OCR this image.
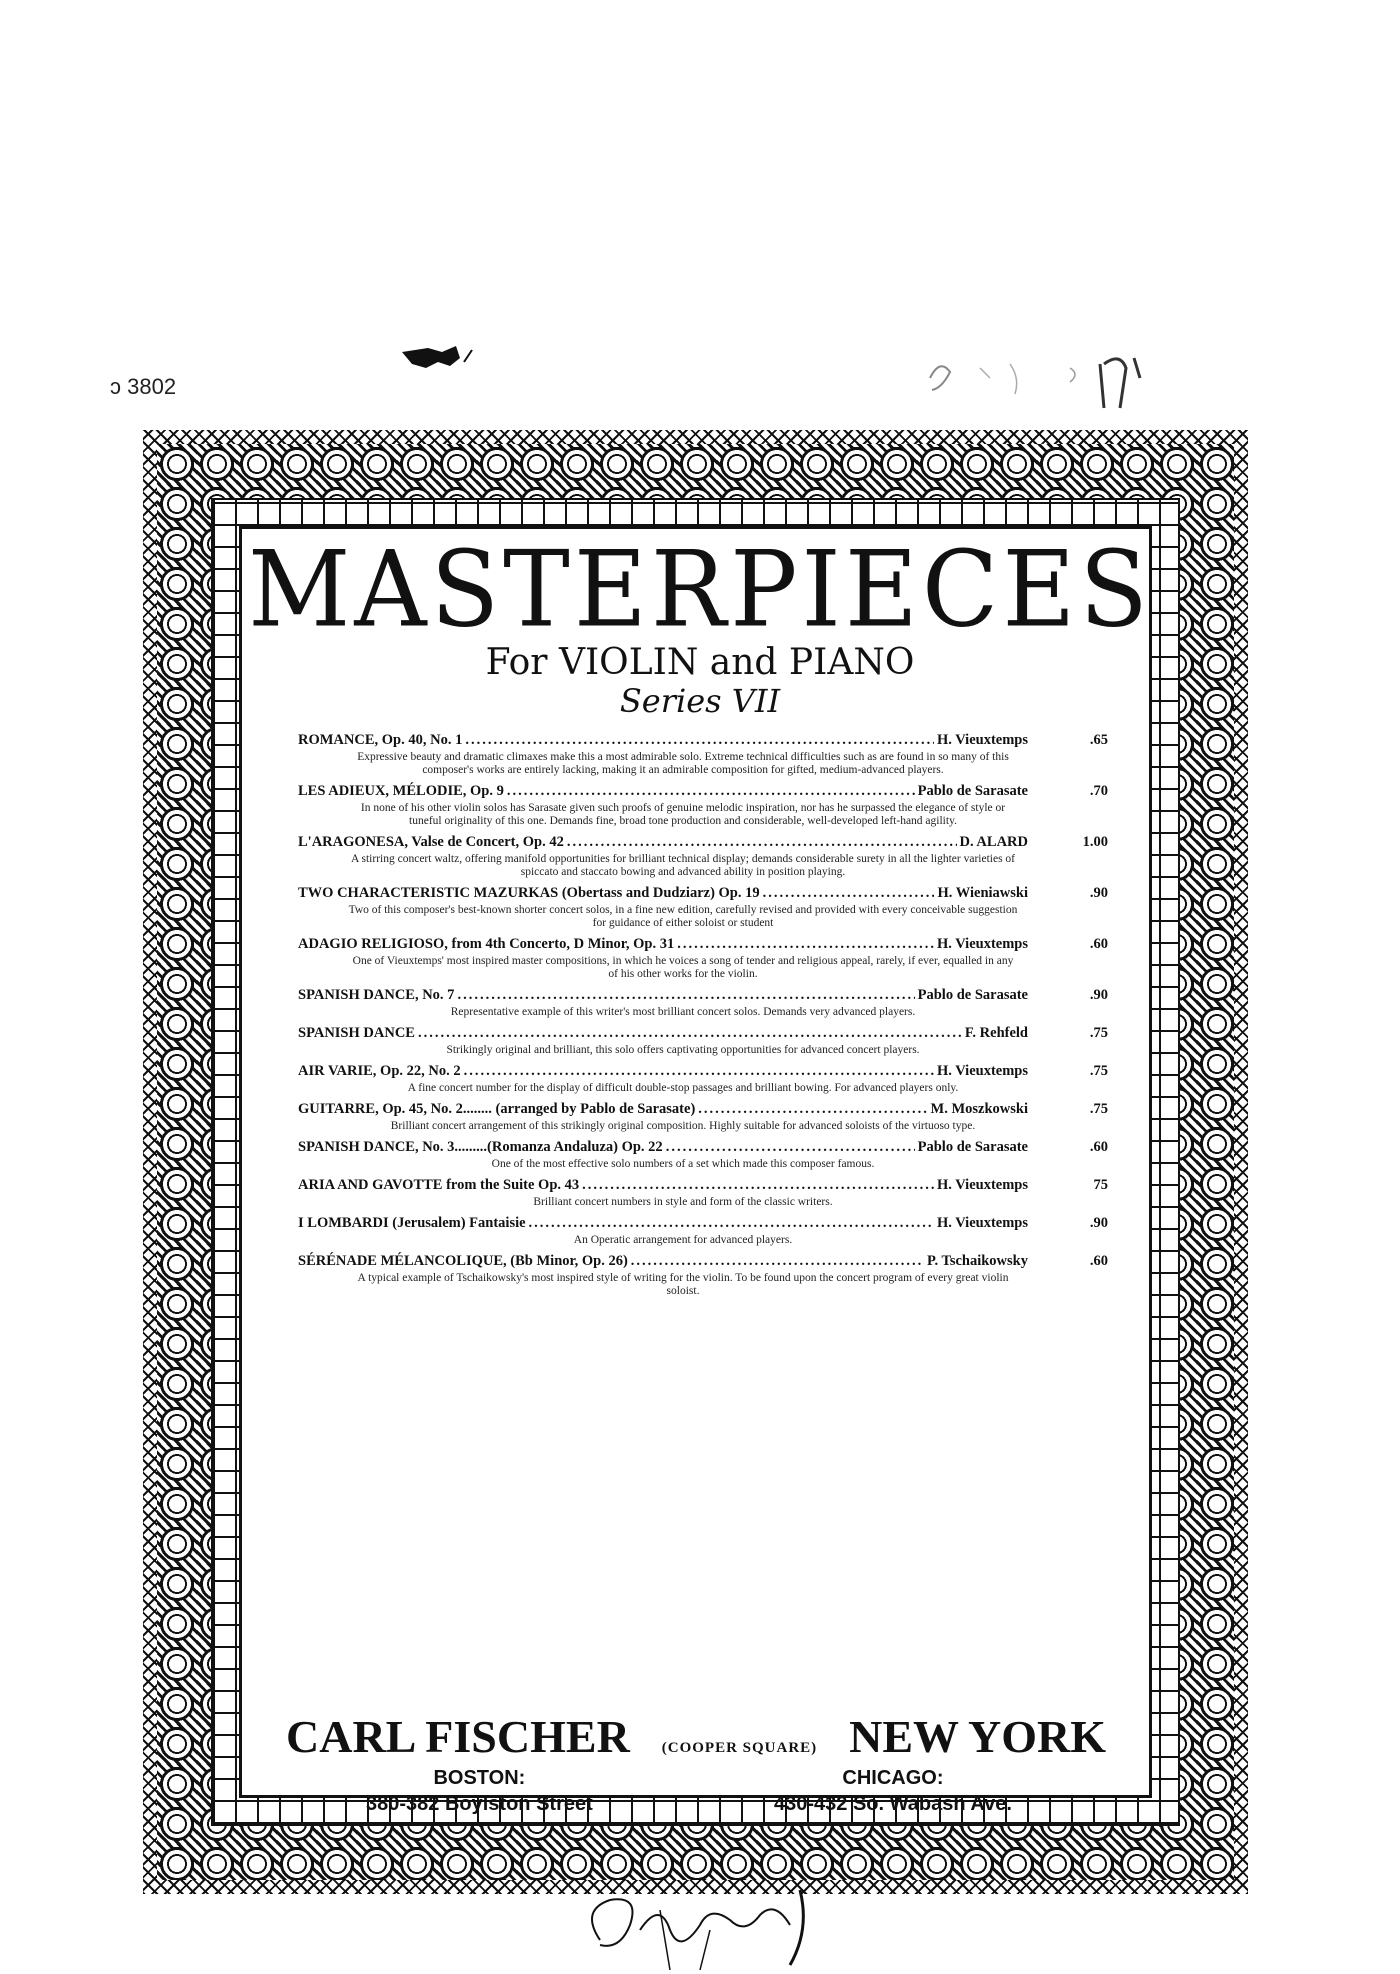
ↄ 3802
MASTERPIECES
For VIOLIN and PIANO
Series VII
ROMANCE, Op. 40, No. 1 .....	H. Vieuxtemps	.65
Expressive beauty and dramatic climaxes make this a most admirable solo. Extreme technical difficulties such as are found in so many of this composer's works are entirely lacking, making it an admirable composition for gifted, medium-advanced players.
LES ADIEUX, MÉLODIE, Op. 9 .....	Pablo de Sarasate	.70
In none of his other violin solos has Sarasate given such proofs of genuine melodic inspiration, nor has he surpassed the elegance of style or tuneful originality of this one. Demands fine, broad tone production and considerable, well-developed left-hand agility.
L'ARAGONESA, Valse de Concert, Op. 42 .....	D. ALARD	1.00
A stirring concert waltz, offering manifold opportunities for brilliant technical display; demands considerable surety in all the lighter varieties of spiccato and staccato bowing and advanced ability in position playing.
TWO CHARACTERISTIC MAZURKAS (Obertass and Dudziarz) Op. 19 .....	H. Wieniawski	.90
Two of this composer's best-known shorter concert solos, in a fine new edition, carefully revised and provided with every conceivable suggestion for guidance of either soloist or student
ADAGIO RELIGIOSO, from 4th Concerto, D Minor, Op. 31 .....	H. Vieuxtemps	.60
One of Vieuxtemps' most inspired master compositions, in which he voices a song of tender and religious appeal, rarely, if ever, equalled in any of his other works for the violin.
SPANISH DANCE, No. 7 .....	Pablo de Sarasate	.90
Representative example of this writer's most brilliant concert solos. Demands very advanced players.
SPANISH DANCE .....	F. Rehfeld	.75
Strikingly original and brilliant, this solo offers captivating opportunities for advanced concert players.
AIR VARIE, Op. 22, No. 2 .....	H. Vieuxtemps	.75
A fine concert number for the display of difficult double-stop passages and brilliant bowing. For advanced players only.
GUITARRE, Op. 45, No. 2........ (arranged by Pablo de Sarasate) .....	M. Moszkowski	.75
Brilliant concert arrangement of this strikingly original composition. Highly suitable for advanced soloists of the virtuoso type.
SPANISH DANCE, No. 3.........(Romanza Andaluza) Op. 22 .....	Pablo de Sarasate	.60
One of the most effective solo numbers of a set which made this composer famous.
ARIA AND GAVOTTE from the Suite Op. 43 .....	H. Vieuxtemps	75
Brilliant concert numbers in style and form of the classic writers.
I LOMBARDI (Jerusalem) Fantaisie .....	H. Vieuxtemps	.90
An Operatic arrangement for advanced players.
SÉRÉNADE MÉLANCOLIQUE, (Bb Minor, Op. 26) .....	P. Tschaikowsky	.60
A typical example of Tschaikowsky's most inspired style of writing for the violin. To be found upon the concert program of every great violin soloist.
CARL FISCHER (COOPER SQUARE) NEW YORK
BOSTON:
380-382 Boylston Street
CHICAGO:
430-432 So. Wabash Ave.
